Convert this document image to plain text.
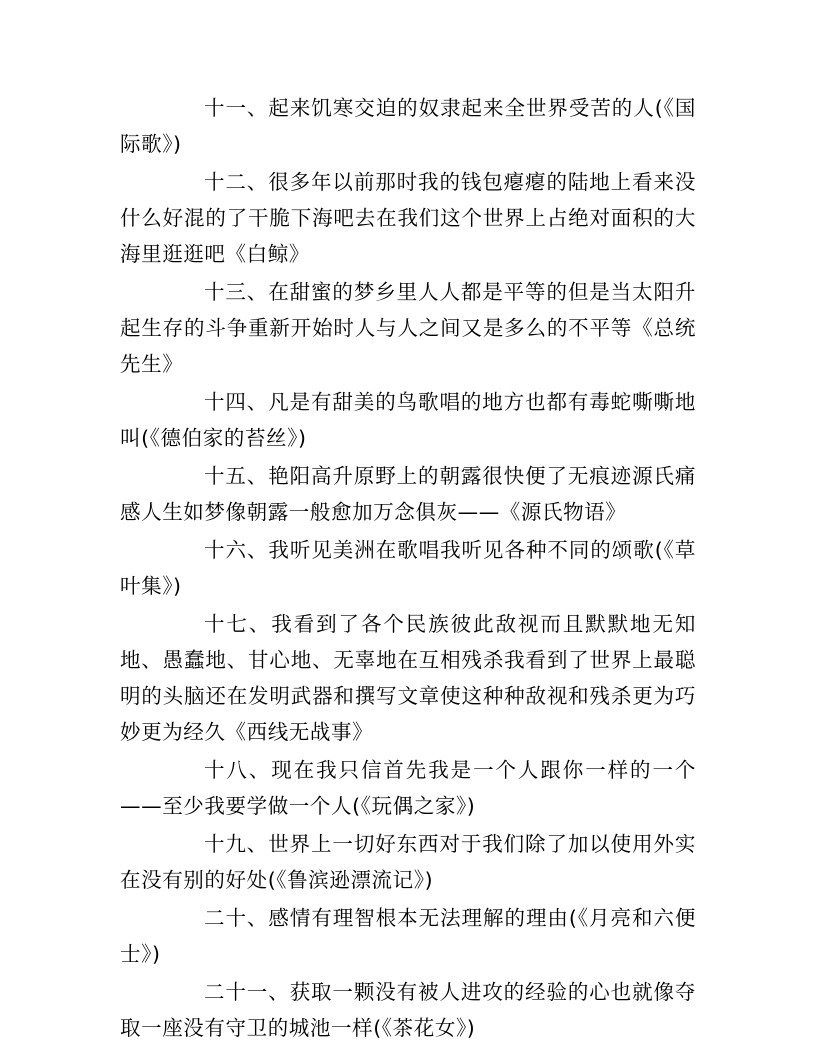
十一、起来饥寒交迫的奴隶起来全世界受苦的人(《国际歌》)

十二、很多年以前那时我的钱包瘪瘪的陆地上看来没什么好混的了干脆下海吧去在我们这个世界上占绝对面积的大海里逛逛吧《白鲸》

十三、在甜蜜的梦乡里人人都是平等的但是当太阳升起生存的斗争重新开始时人与人之间又是多么的不平等《总统先生》

十四、凡是有甜美的鸟歌唱的地方也都有毒蛇嘶嘶地叫(《德伯家的苔丝》)

十五、艳阳高升原野上的朝露很快便了无痕迹源氏痛感人生如梦像朝露一般愈加万念俱灰——《源氏物语》

十六、我听见美洲在歌唱我听见各种不同的颂歌(《草叶集》)

十七、我看到了各个民族彼此敌视而且默默地无知地、愚蠢地、甘心地、无辜地在互相残杀我看到了世界上最聪明的头脑还在发明武器和撰写文章使这种种敌视和残杀更为巧妙更为经久《西线无战事》

十八、现在我只信首先我是一个人跟你一样的一个——至少我要学做一个人(《玩偶之家》)

十九、世界上一切好东西对于我们除了加以使用外实在没有别的好处(《鲁滨逊漂流记》)

二十、感情有理智根本无法理解的理由(《月亮和六便士》)

二十一、获取一颗没有被人进攻的经验的心也就像夺取一座没有守卫的城池一样(《茶花女》)
